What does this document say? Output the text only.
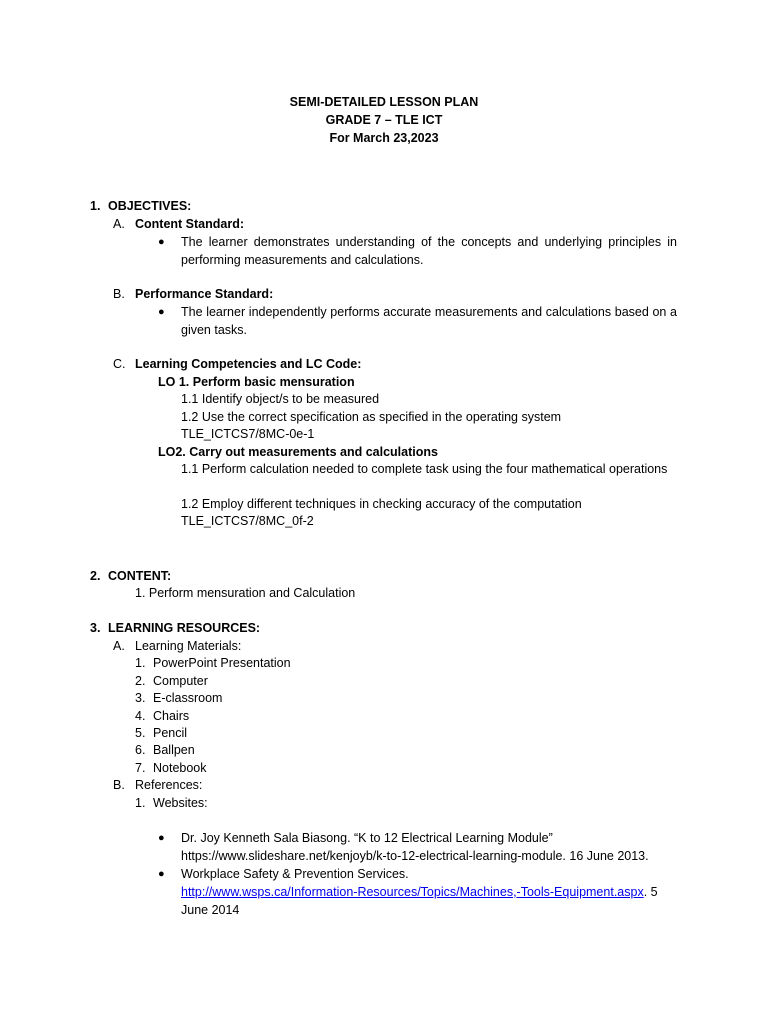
SEMI-DETAILED LESSON PLAN
GRADE 7 – TLE ICT
For March 23,2023
1. OBJECTIVES:
A. Content Standard:
● The learner demonstrates understanding of the concepts and underlying principles in performing measurements and calculations.
B. Performance Standard:
● The learner independently performs accurate measurements and calculations based on a given tasks.
C. Learning Competencies and LC Code:
LO 1. Perform basic mensuration
1.1 Identify object/s to be measured
1.2 Use the correct specification as specified in the operating system
TLE_ICTCS7/8MC-0e-1
LO2. Carry out measurements and calculations
1.1 Perform calculation needed to complete task using the four mathematical operations
1.2 Employ different techniques in checking accuracy of the computation
TLE_ICTCS7/8MC_0f-2
2. CONTENT:
1. Perform mensuration and Calculation
3. LEARNING RESOURCES:
A. Learning Materials:
1. PowerPoint Presentation
2. Computer
3. E-classroom
4. Chairs
5. Pencil
6. Ballpen
7. Notebook
B. References:
1. Websites:
● Dr. Joy Kenneth Sala Biasong. “K to 12 Electrical Learning Module”
https://www.slideshare.net/kenjoyb/k-to-12-electrical-learning-module. 16 June 2013.
● Workplace Safety & Prevention Services.
http://www.wsps.ca/Information-Resources/Topics/Machines,-Tools-Equipment.aspx. 5
June 2014
